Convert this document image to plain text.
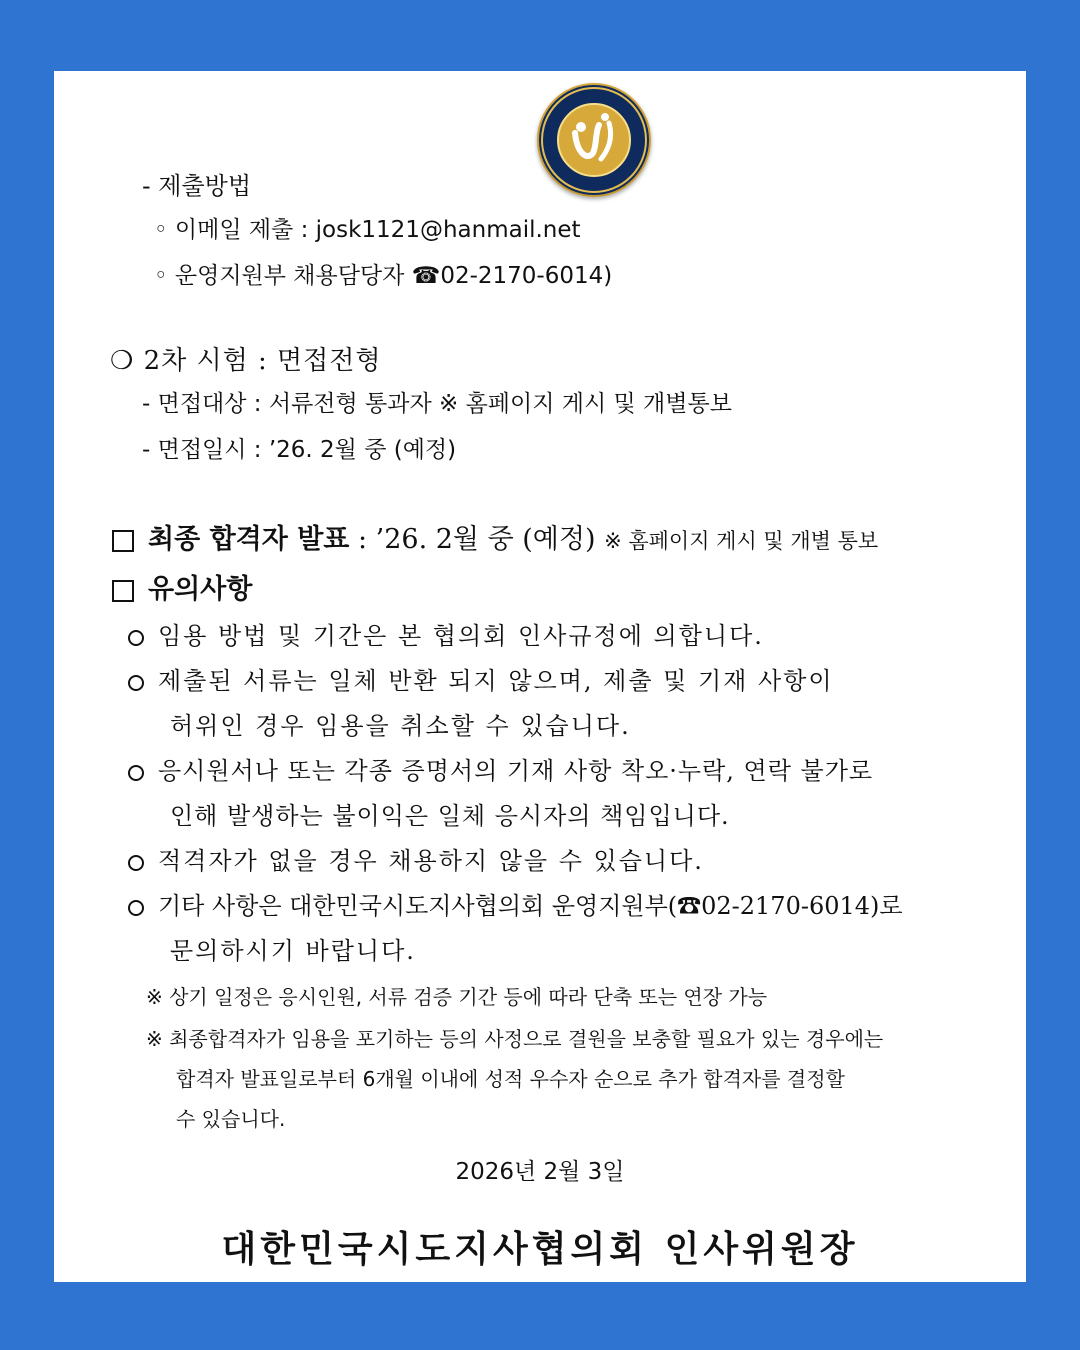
- 제출방법
◦ 이메일 제출 : josk1121@hanmail.net
◦ 운영지원부 채용담당자 ☎02-2170-6014)
❍ 2차 시험 : 면접전형
- 면접대상 : 서류전형 통과자 ※ 홈페이지 게시 및 개별통보
- 면접일시 : ’26. 2월 중 (예정)
최종 합격자 발표 : ’26. 2월 중 (예정) ※ 홈페이지 게시 및 개별 통보
유의사항
임용 방법 및 기간은 본 협의회 인사규정에 의합니다.
제출된 서류는 일체 반환 되지 않으며, 제출 및 기재 사항이
허위인 경우 임용을 취소할 수 있습니다.
응시원서나 또는 각종 증명서의 기재 사항 착오·누락, 연락 불가로
인해 발생하는 불이익은 일체 응시자의 책임입니다.
적격자가 없을 경우 채용하지 않을 수 있습니다.
기타 사항은 대한민국시도지사협의회 운영지원부(☎02-2170-6014)로
문의하시기 바랍니다.
※ 상기 일정은 응시인원, 서류 검증 기간 등에 따라 단축 또는 연장 가능
※ 최종합격자가 임용을 포기하는 등의 사정으로 결원을 보충할 필요가 있는 경우에는
합격자 발표일로부터 6개월 이내에 성적 우수자 순으로 추가 합격자를 결정할
수 있습니다.
2026년 2월 3일
대한민국시도지사협의회 인사위원장
